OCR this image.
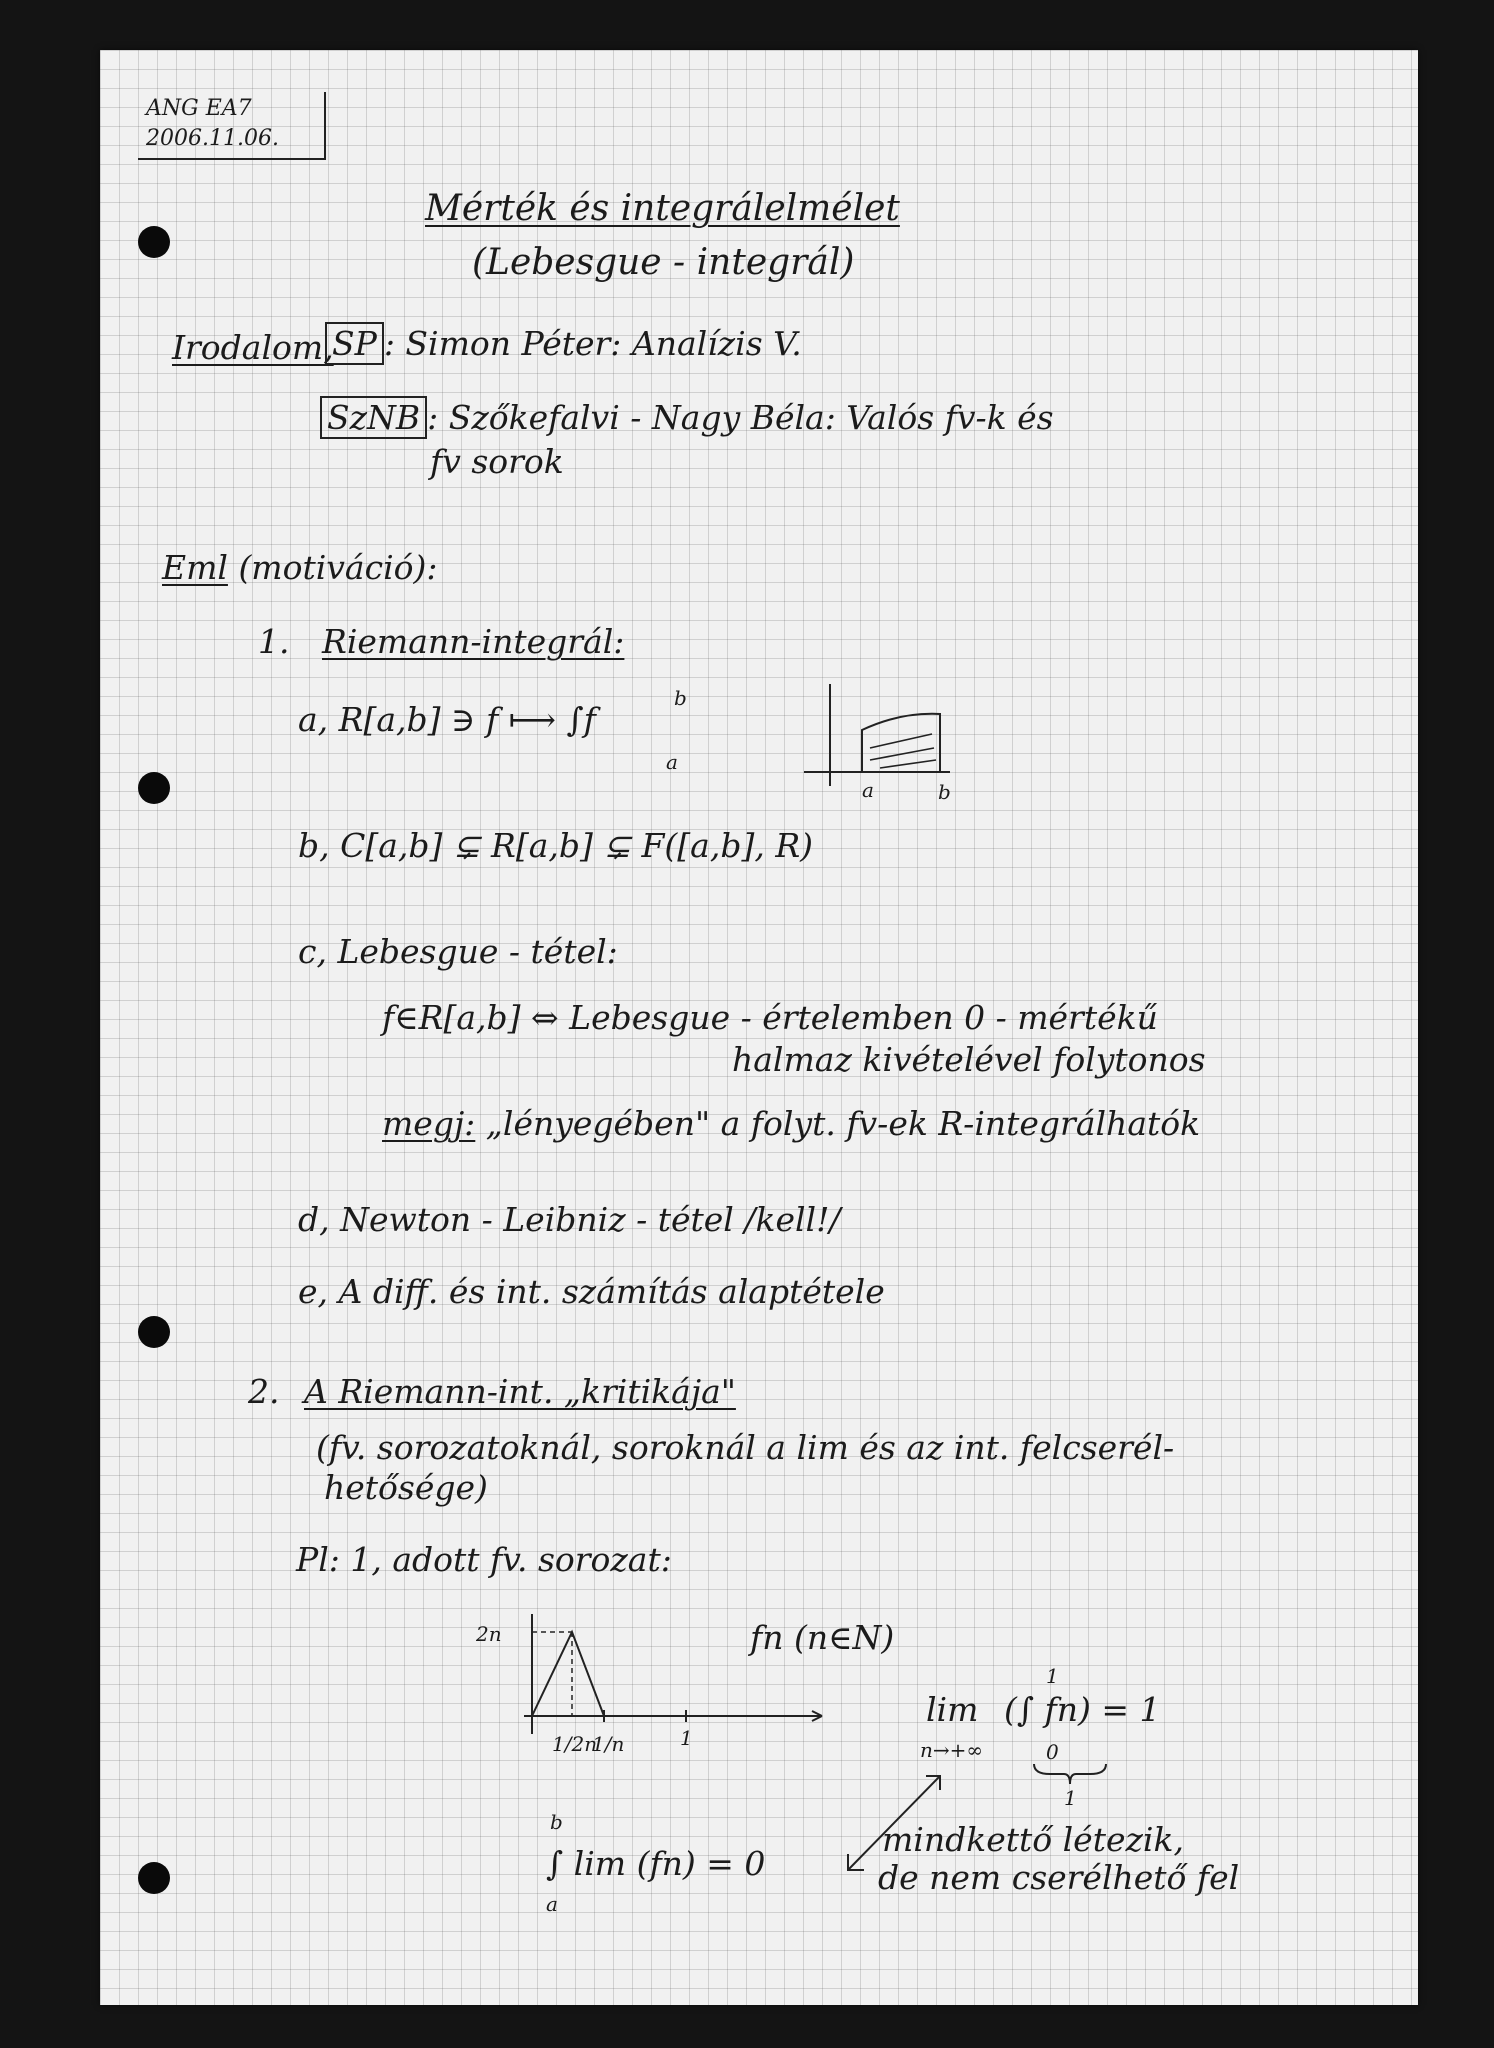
ANG EA7
2006.11.06.
Mérték és integrálelmélet
(Lebesgue - integrál)
Irodalom,
SP : Simon Péter: Analízis V.
SzNB : Szőkefalvi - Nagy Béla: Valós fv-k és
fv sorok
Eml (motiváció):
1. Riemann-integrál:
a, R[a,b] ∋ f ⟼ ∫f
b
a
a	b
b, C[a,b] ⊊ R[a,b] ⊊ F([a,b], R)
c, Lebesgue - tétel:
f∈R[a,b] ⇔ Lebesgue - értelemben 0 - mértékű
halmaz kivételével folytonos
megj: „lényegében" a folyt. fv-ek R-integrálhatók
d, Newton - Leibniz - tétel /kell!/
e, A diff. és int. számítás alaptétele
2. A Riemann-int. „kritikája"
(fv. sorozatoknál, soroknál a lim és az int. felcserél-
hetősége)
Pl: 1, adott fv. sorozat:
2n
1/2n
1/n	1
fn (n∈N)
lim
n→+∞
(∫ fn) = 1
1
0
1
mindkettő létezik,
de nem cserélhető fel
∫ lim (fn) = 0
b
a
